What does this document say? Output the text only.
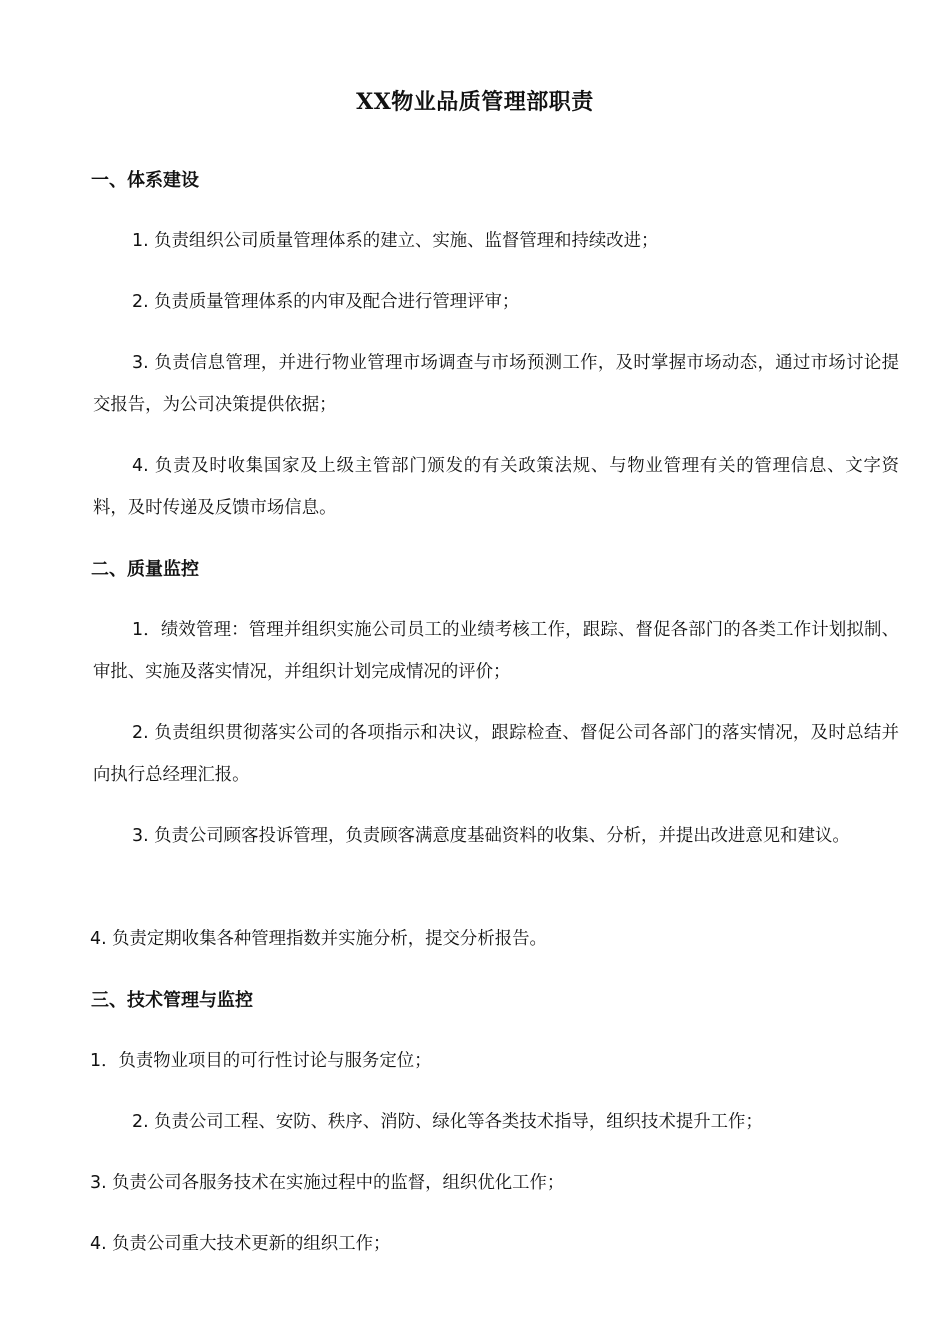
XX物业品质管理部职责
一、体系建设

1. 负责组织公司质量管理体系的建立、实施、监督管理和持续改进；

2. 负责质量管理体系的内审及配合进行管理评审；

3. 负责信息管理，并进行物业管理市场调查与市场预测工作，及时掌握市场动态，通过市场讨论提交报告，为公司决策提供依据；

4. 负责及时收集国家及上级主管部门颁发的有关政策法规、与物业管理有关的管理信息、文字资料，及时传递及反馈市场信息。

二、质量监控

1．绩效管理：管理并组织实施公司员工的业绩考核工作，跟踪、督促各部门的各类工作计划拟制、审批、实施及落实情况，并组织计划完成情况的评价；

2. 负责组织贯彻落实公司的各项指示和决议，跟踪检查、督促公司各部门的落实情况，及时总结并向执行总经理汇报。

3. 负责公司顾客投诉管理，负责顾客满意度基础资料的收集、分析，并提出改进意见和建议。

4. 负责定期收集各种管理指数并实施分析，提交分析报告。

三、技术管理与监控

1．负责物业项目的可行性讨论与服务定位；

2. 负责公司工程、安防、秩序、消防、绿化等各类技术指导，组织技术提升工作；

3. 负责公司各服务技术在实施过程中的监督，组织优化工作；

4. 负责公司重大技术更新的组织工作；
